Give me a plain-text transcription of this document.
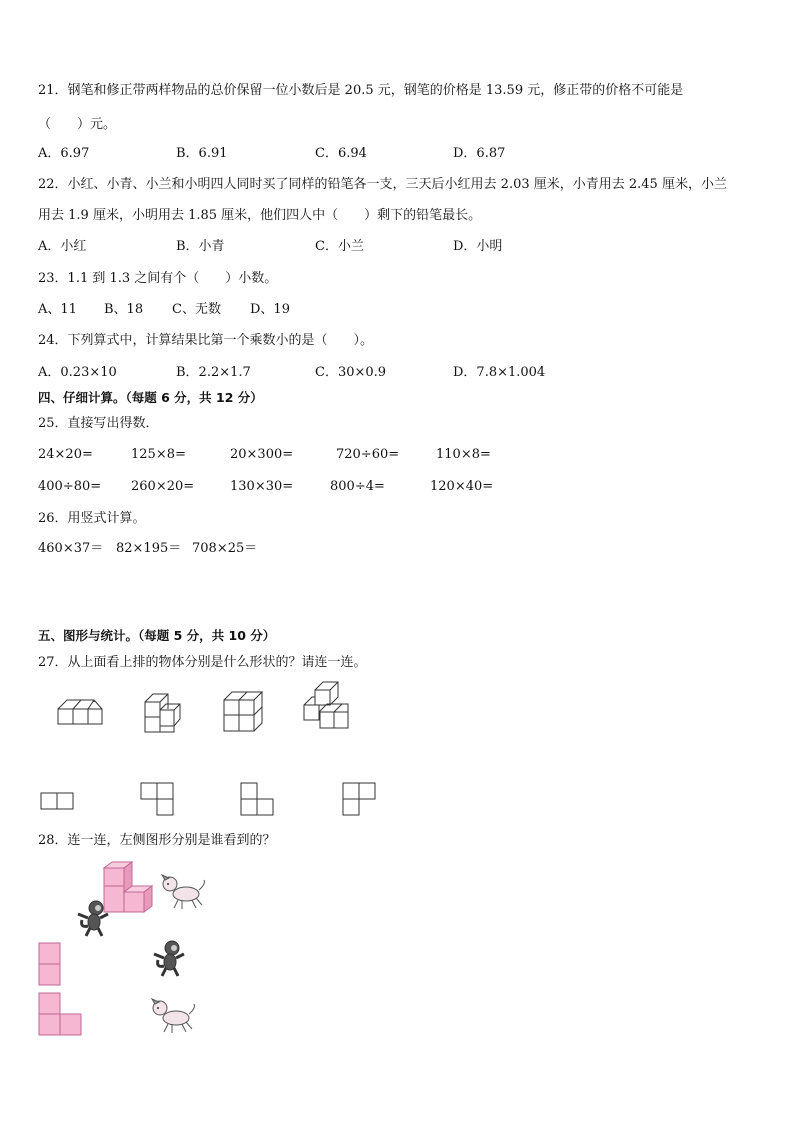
21．钢笔和修正带两样物品的总价保留一位小数后是 20.5 元，钢笔的价格是 13.59 元，修正带的价格不可能是
（　　）元。
A．6.97	B．6.91	C．6.94	D．6.87
22．小红、小青、小兰和小明四人同时买了同样的铅笔各一支，三天后小红用去 2.03 厘米，小青用去 2.45 厘米，小兰
用去 1.9 厘米，小明用去 1.85 厘米，他们四人中（　　）剩下的铅笔最长。
A．小红	B．小青	C．小兰	D．小明
23．1.1 到 1.3 之间有个（　　）小数。
A、11 B、18 C、无数 D、19
24．下列算式中，计算结果比第一个乘数小的是（　　）。
A．0.23×10	B．2.2×1.7	C．30×0.9	D．7.8×1.004
四、仔细计算。（每题 6 分，共 12 分）
25．直接写出得数．
24×20=	125×8=	20×300=	720÷60=	110×8=
400÷80= 260×20=	130×30=	800÷4=	120×40=
26．用竖式计算。
460×37＝ 82×195＝ 708×25＝
五、图形与统计。（每题 5 分，共 10 分）
27．从上面看上排的物体分别是什么形状的？请连一连。
28．连一连，左侧图形分别是谁看到的？
